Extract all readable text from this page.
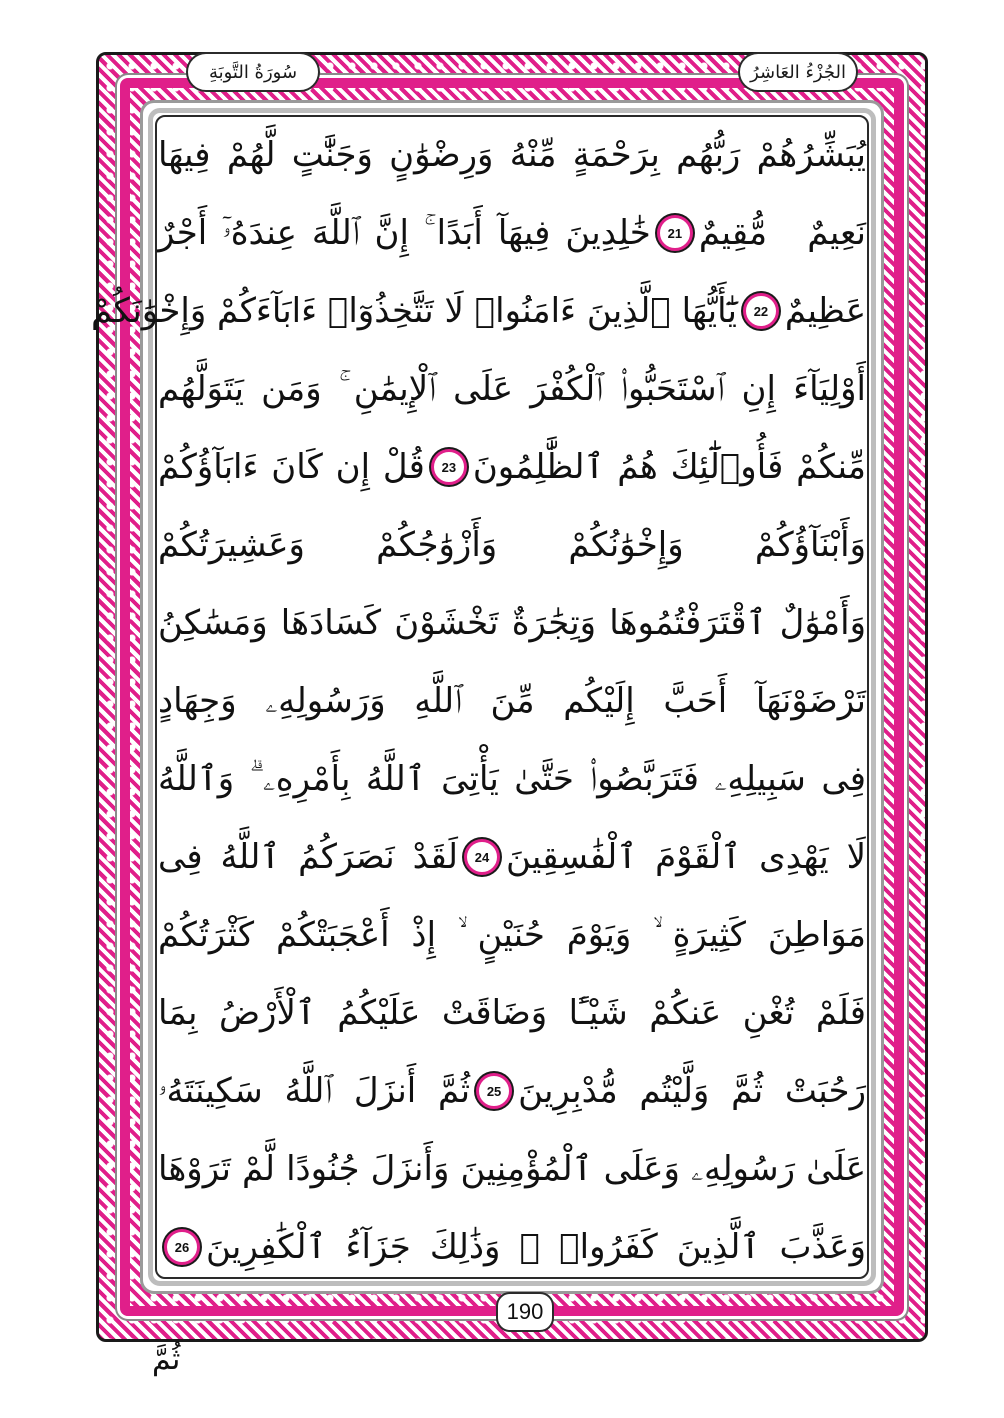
سُورَةُ التَّوبَةِ	الجُزْءُ العَاشِرُ
يُبَشِّرُهُمْ رَبُّهُم بِرَحْمَةٍ مِّنْهُ وَرِضْوَٰنٍ وَجَنَّٰتٍ لَّهُمْ فِيهَا
نَعِيمٌ مُّقِيمٌ
21
خَٰلِدِينَ فِيهَآ أَبَدًا ۚ إِنَّ ٱللَّهَ عِندَهُۥٓ أَجْرٌ
عَظِيمٌ
22
يَٰٓأَيُّهَا ٱلَّذِينَ ءَامَنُوا۟ لَا تَتَّخِذُوٓا۟ ءَابَآءَكُمْ وَإِخْوَٰنَكُمْ
أَوْلِيَآءَ إِنِ ٱسْتَحَبُّوا۟ ٱلْكُفْرَ عَلَى ٱلْإِيمَٰنِ ۚ وَمَن يَتَوَلَّهُم
مِّنكُمْ فَأُو۟لَٰٓئِكَ هُمُ ٱلظَّٰلِمُونَ
23
قُلْ إِن كَانَ ءَابَآؤُكُمْ
وَأَبْنَآؤُكُمْ وَإِخْوَٰنُكُمْ وَأَزْوَٰجُكُمْ وَعَشِيرَتُكُمْ
وَأَمْوَٰلٌ ٱقْتَرَفْتُمُوهَا وَتِجَٰرَةٌ تَخْشَوْنَ كَسَادَهَا وَمَسَٰكِنُ
تَرْضَوْنَهَآ أَحَبَّ إِلَيْكُم مِّنَ ٱللَّهِ وَرَسُولِهِۦ وَجِهَادٍ
فِى سَبِيلِهِۦ فَتَرَبَّصُوا۟ حَتَّىٰ يَأْتِىَ ٱللَّهُ بِأَمْرِهِۦ ۗ وَٱللَّهُ
لَا يَهْدِى ٱلْقَوْمَ ٱلْفَٰسِقِينَ
24
لَقَدْ نَصَرَكُمُ ٱللَّهُ فِى
مَوَاطِنَ كَثِيرَةٍ ۙ وَيَوْمَ حُنَيْنٍ ۙ إِذْ أَعْجَبَتْكُمْ كَثْرَتُكُمْ
فَلَمْ تُغْنِ عَنكُمْ شَيْـًٔا وَضَاقَتْ عَلَيْكُمُ ٱلْأَرْضُ بِمَا
رَحُبَتْ ثُمَّ وَلَّيْتُم مُّدْبِرِينَ
25
ثُمَّ أَنزَلَ ٱللَّهُ سَكِينَتَهُۥ
عَلَىٰ رَسُولِهِۦ وَعَلَى ٱلْمُؤْمِنِينَ وَأَنزَلَ جُنُودًا لَّمْ تَرَوْهَا
وَعَذَّبَ ٱلَّذِينَ كَفَرُوا۟ ۚ وَذَٰلِكَ جَزَآءُ ٱلْكَٰفِرِينَ
26
190
ثُمَّ
